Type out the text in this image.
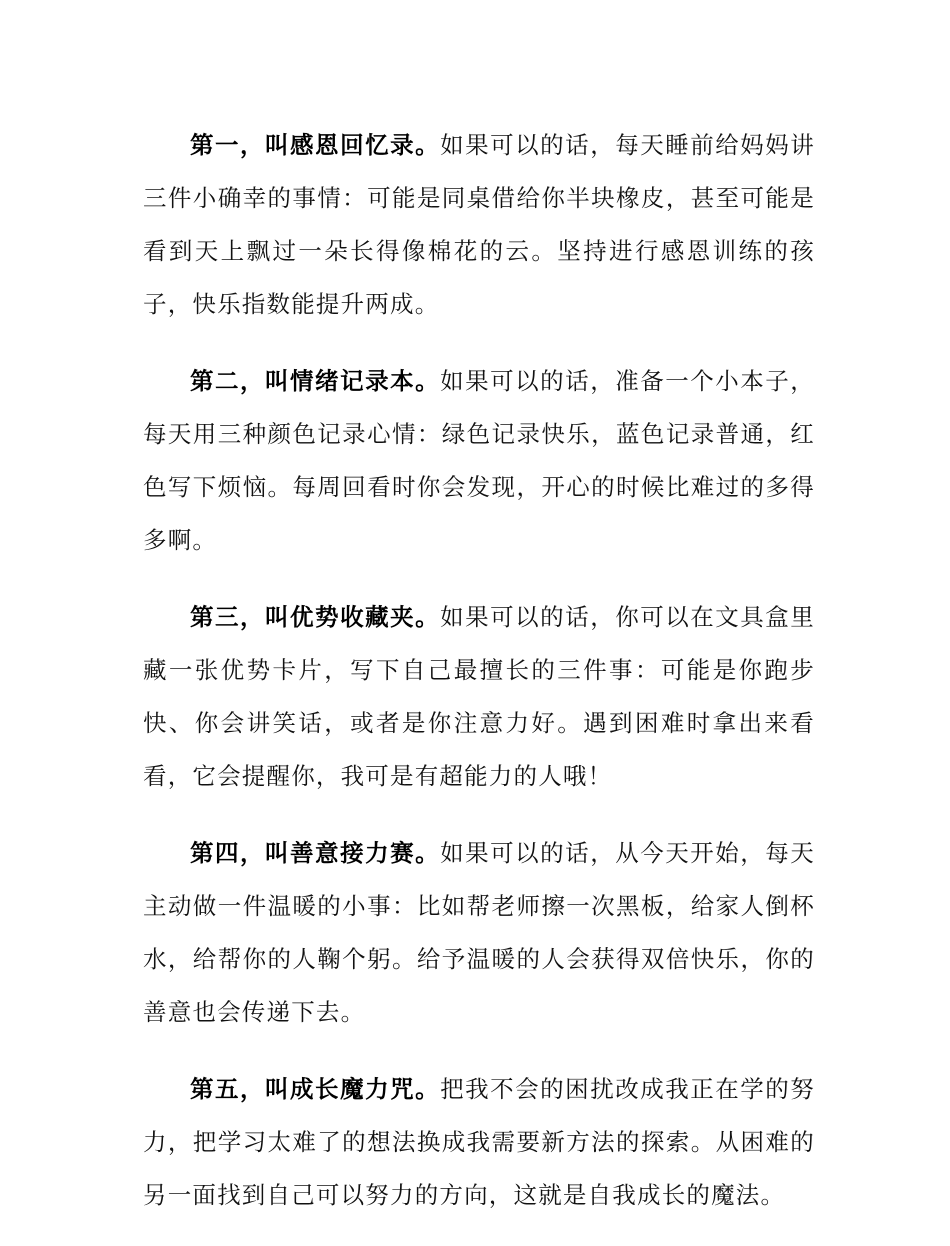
第一，叫感恩回忆录。如果可以的话，每天睡前给妈妈讲三件小确幸的事情：可能是同桌借给你半块橡皮，甚至可能是看到天上飘过一朵长得像棉花的云。坚持进行感恩训练的孩子，快乐指数能提升两成。

第二，叫情绪记录本。如果可以的话，准备一个小本子，每天用三种颜色记录心情：绿色记录快乐，蓝色记录普通，红色写下烦恼。每周回看时你会发现，开心的时候比难过的多得多啊。

第三，叫优势收藏夹。如果可以的话，你可以在文具盒里藏一张优势卡片，写下自己最擅长的三件事：可能是你跑步快、你会讲笑话，或者是你注意力好。遇到困难时拿出来看看，它会提醒你，我可是有超能力的人哦！

第四，叫善意接力赛。如果可以的话，从今天开始，每天主动做一件温暖的小事：比如帮老师擦一次黑板，给家人倒杯水，给帮你的人鞠个躬。给予温暖的人会获得双倍快乐，你的善意也会传递下去。

第五，叫成长魔力咒。把我不会的困扰改成我正在学的努力，把学习太难了的想法换成我需要新方法的探索。从困难的另一面找到自己可以努力的方向，这就是自我成长的魔法。
